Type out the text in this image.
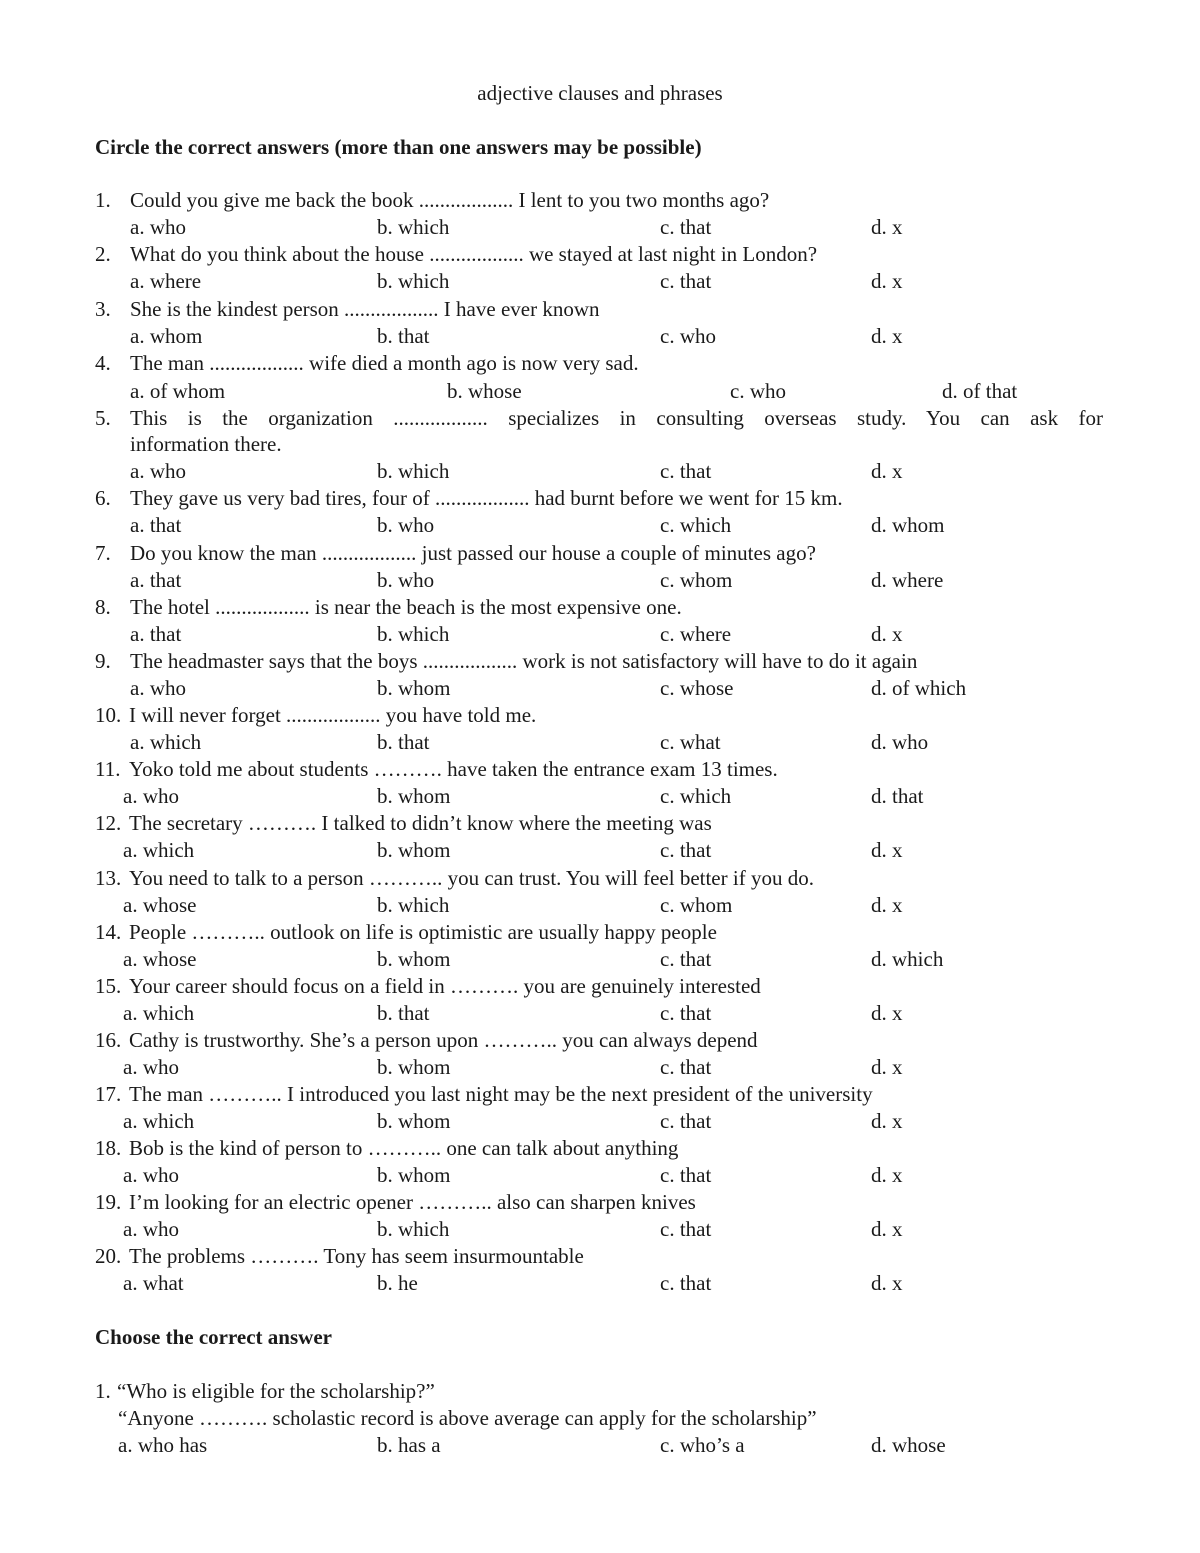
adjective clauses and phrases
Circle the correct answers (more than one answers may be possible)
1. Could you give me back the book .................. I lent to you two months ago?
a. who	b. which	c. that	d. x
2. What do you think about the house .................. we stayed at last night in London?
a. where	b. which	c. that	d. x
3. She is the kindest person .................. I have ever known
a. whom	b. that	c. who	d. x
4. The man .................. wife died a month ago is now very sad.
a. of whom	b. whose	c. who	d. of that
5. This is the organization .................. specializes in consulting overseas study. You can ask for
information there.
a. who	b. which	c. that	d. x
6. They gave us very bad tires, four of .................. had burnt before we went for 15 km.
a. that	b. who	c. which	d. whom
7. Do you know the man .................. just passed our house a couple of minutes ago?
a. that	b. who	c. whom	d. where
8. The hotel .................. is near the beach is the most expensive one.
a. that	b. which	c. where	d. x
9. The headmaster says that the boys .................. work is not satisfactory will have to do it again
a. who	b. whom	c. whose	d. of which
10. I will never forget .................. you have told me.
a. which	b. that	c. what	d. who
11. Yoko told me about students ………. have taken the entrance exam 13 times.
a. who	b. whom	c. which	d. that
12. The secretary ………. I talked to didn’t know where the meeting was
a. which	b. whom	c. that	d. x
13. You need to talk to a person ……….. you can trust. You will feel better if you do.
a. whose	b. which	c. whom	d. x
14. People ……….. outlook on life is optimistic are usually happy people
a. whose	b. whom	c. that	d. which
15. Your career should focus on a field in ………. you are genuinely interested
a. which	b. that	c. that	d. x
16. Cathy is trustworthy. She’s a person upon ……….. you can always depend
a. who	b. whom	c. that	d. x
17. The man ……….. I introduced you last night may be the next president of the university
a. which	b. whom	c. that	d. x
18. Bob is the kind of person to ……….. one can talk about anything
a. who	b. whom	c. that	d. x
19. I’m looking for an electric opener ……….. also can sharpen knives
a. who	b. which	c. that	d. x
20. The problems ………. Tony has seem insurmountable
a. what	b. he	c. that	d. x
Choose the correct answer
1. “Who is eligible for the scholarship?”
“Anyone ………. scholastic record is above average can apply for the scholarship”
a. who has	b. has a	c. who’s a	d. whose
